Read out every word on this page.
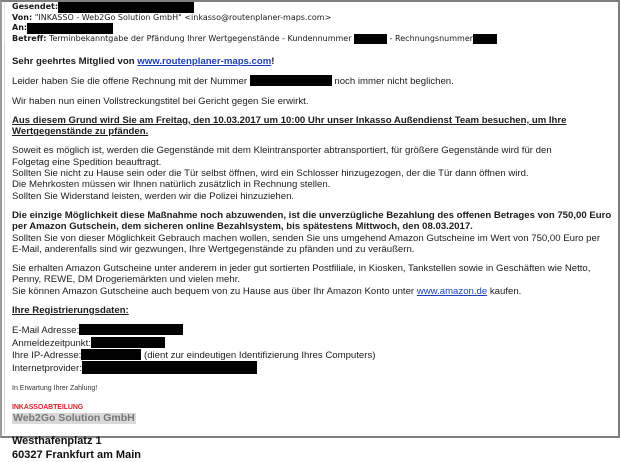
Gesendet:
Von: "INKASSO - Web2Go Solution GmbH" <inkasso@routenplaner-maps.com>
An:
Betreff: Terminbekanntgabe der Pfändung Ihrer Wertgegenstände - Kundennummer	- Rechnungsnummer

Sehr geehrtes Mitglied von www.routenplaner-maps.com!

Leider haben Sie die offene Rechnung mit der Nummer	noch immer nicht beglichen.

Wir haben nun einen Vollstreckungstitel bei Gericht gegen Sie erwirkt.

Aus diesem Grund wird Sie am Freitag, den 10.03.2017 um 10:00 Uhr unser Inkasso Außendienst Team besuchen, um Ihre Wertgegenstände zu pfänden.

Soweit es möglich ist, werden die Gegenstände mit dem Kleintransporter abtransportiert, für größere Gegenstände wird für den Folgetag eine Spedition beauftragt.

Sollten Sie nicht zu Hause sein oder die Tür selbst öffnen, wird ein Schlosser hinzugezogen, der die Tür dann öffnen wird.

Die Mehrkosten müssen wir Ihnen natürlich zusätzlich in Rechnung stellen.

Sollten Sie Widerstand leisten, werden wir die Polizei hinzuziehen.

Die einzige Möglichkeit diese Maßnahme noch abzuwenden, ist die unverzügliche Bezahlung des offenen Betrages von 750,00 Euro per Amazon Gutschein, dem sicheren online Bezahlsystem, bis spätestens Mittwoch, den 08.03.2017.

Sollten Sie von dieser Möglichkeit Gebrauch machen wollen, senden Sie uns umgehend Amazon Gutscheine im Wert von 750,00 Euro per E-Mail, anderenfalls sind wir gezwungen, Ihre Wertgegenstände zu pfänden und zu veräußern.

Sie erhalten Amazon Gutscheine unter anderem in jeder gut sortierten Postfiliale, in Kiosken, Tankstellen sowie in Geschäften wie Netto, Penny, REWE, DM Drogeriemärkten und vielen mehr.

Sie können Amazon Gutscheine auch bequem von zu Hause aus über Ihr Amazon Konto unter www.amazon.de kaufen.

Ihre Registrierungsdaten:

E-Mail Adresse:

Anmeldezeitpunkt:

Ihre IP-Adresse:	(dient zur eindeutigen Identifizierung Ihres Computers)

Internetprovider:

In Erwartung Ihrer Zahlung!

INKASSOABTEILUNG

Web2Go Solution GmbH

Westhafenplatz 1

60327 Frankfurt am Main
